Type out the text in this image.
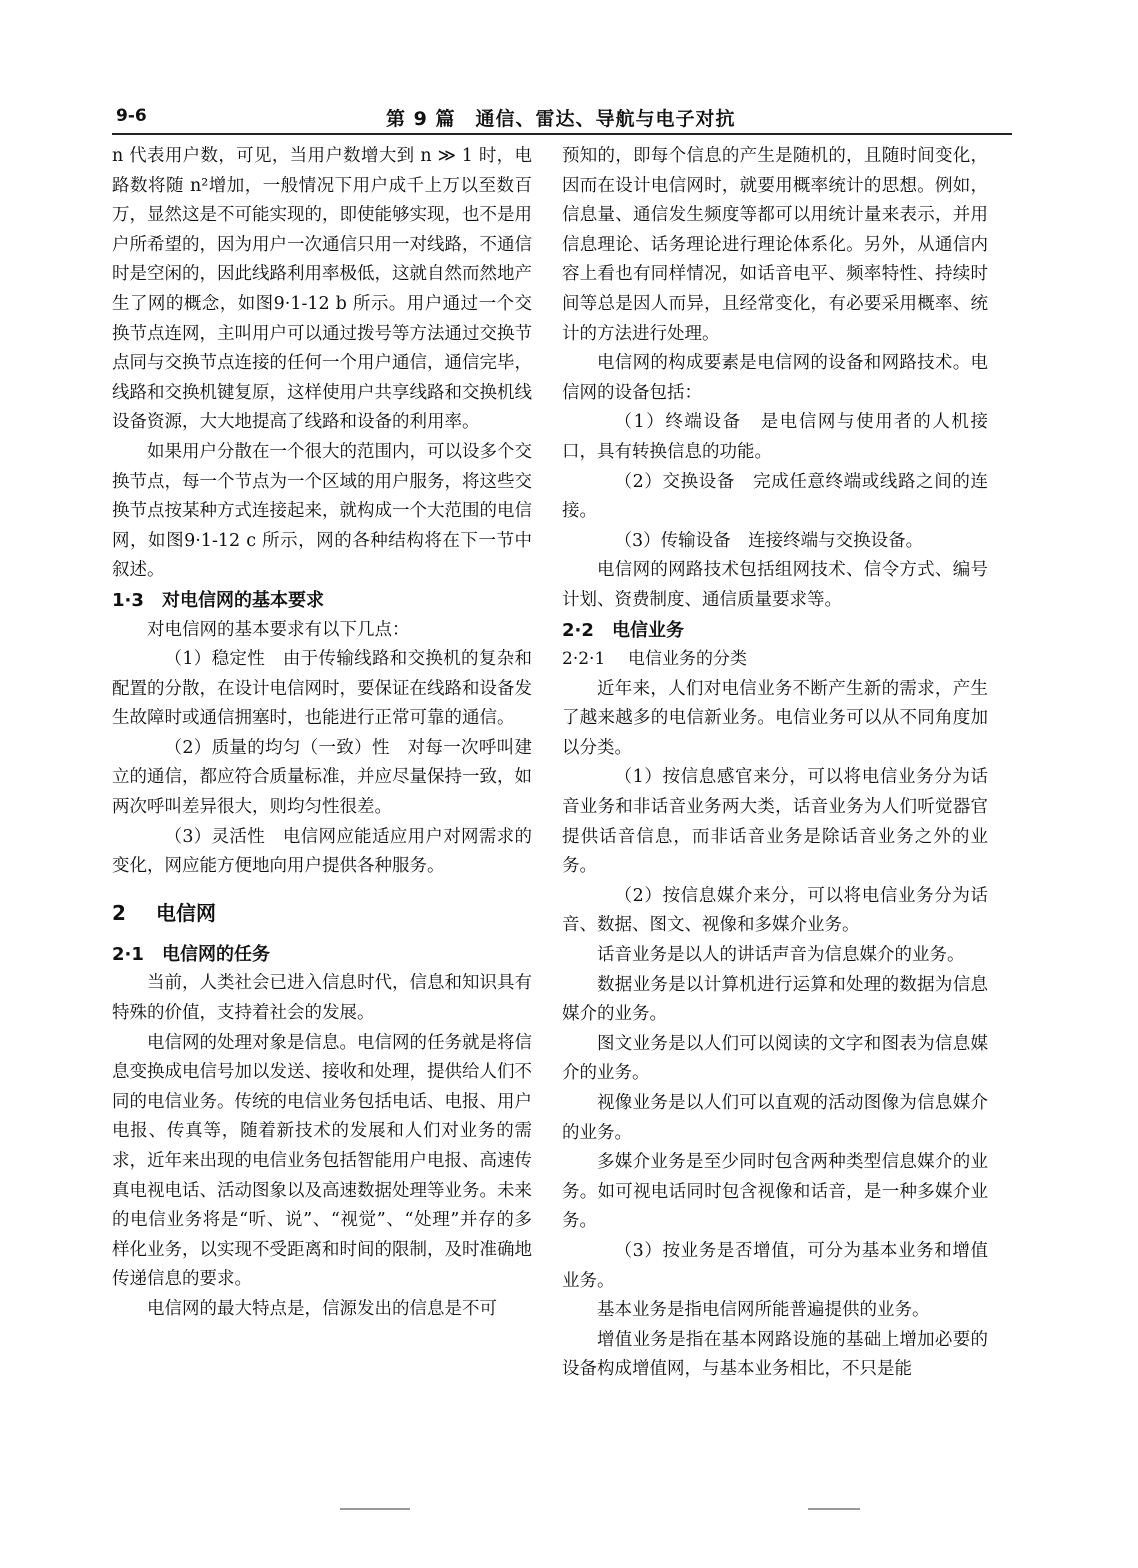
9-6	第 9 篇　通信、雷达、导航与电子对抗

n 代表用户数，可见，当用户数增大到 n ≫ 1 时，电路数将随 n²增加，一般情况下用户成千上万以至数百万，显然这是不可能实现的，即使能够实现，也不是用户所希望的，因为用户一次通信只用一对线路，不通信时是空闲的，因此线路利用率极低，这就自然而然地产生了网的概念，如图9·1-12 b 所示。用户通过一个交换节点连网，主叫用户可以通过拨号等方法通过交换节点同与交换节点连接的任何一个用户通信，通信完毕，线路和交换机键复原，这样使用户共享线路和交换机线设备资源，大大地提高了线路和设备的利用率。

如果用户分散在一个很大的范围内，可以设多个交换节点，每一个节点为一个区域的用户服务，将这些交换节点按某种方式连接起来，就构成一个大范围的电信网，如图9·1-12 c 所示，网的各种结构将在下一节中叙述。

1·3 对电信网的基本要求

对电信网的基本要求有以下几点：

（1）稳定性　由于传输线路和交换机的复杂和配置的分散，在设计电信网时，要保证在线路和设备发生故障时或通信拥塞时，也能进行正常可靠的通信。

（2）质量的均匀（一致）性　对每一次呼叫建立的通信，都应符合质量标准，并应尽量保持一致，如两次呼叫差异很大，则均匀性很差。

（3）灵活性　电信网应能适应用户对网需求的变化，网应能方便地向用户提供各种服务。

2 电信网
2·1 电信网的任务

当前，人类社会已进入信息时代，信息和知识具有特殊的价值，支持着社会的发展。

电信网的处理对象是信息。电信网的任务就是将信息变换成电信号加以发送、接收和处理，提供给人们不同的电信业务。传统的电信业务包括电话、电报、用户电报、传真等，随着新技术的发展和人们对业务的需求，近年来出现的电信业务包括智能用户电报、高速传真电视电话、活动图象以及高速数据处理等业务。未来的电信业务将是“听、说”、“视觉”、“处理”并存的多样化业务，以实现不受距离和时间的限制，及时准确地传递信息的要求。

电信网的最大特点是，信源发出的信息是不可

预知的，即每个信息的产生是随机的，且随时间变化，因而在设计电信网时，就要用概率统计的思想。例如，信息量、通信发生频度等都可以用统计量来表示，并用信息理论、话务理论进行理论体系化。另外，从通信内容上看也有同样情况，如话音电平、频率特性、持续时间等总是因人而异，且经常变化，有必要采用概率、统计的方法进行处理。

电信网的构成要素是电信网的设备和网路技术。电信网的设备包括：

（1）终端设备　是电信网与使用者的人机接口，具有转换信息的功能。

（2）交换设备　完成任意终端或线路之间的连接。

（3）传输设备　连接终端与交换设备。

电信网的网路技术包括组网技术、信令方式、编号计划、资费制度、通信质量要求等。

2·2 电信业务
2·2·1 电信业务的分类

近年来，人们对电信业务不断产生新的需求，产生了越来越多的电信新业务。电信业务可以从不同角度加以分类。

（1）按信息感官来分，可以将电信业务分为话音业务和非话音业务两大类，话音业务为人们听觉器官提供话音信息，而非话音业务是除话音业务之外的业务。

（2）按信息媒介来分，可以将电信业务分为话音、数据、图文、视像和多媒介业务。

话音业务是以人的讲话声音为信息媒介的业务。

数据业务是以计算机进行运算和处理的数据为信息媒介的业务。

图文业务是以人们可以阅读的文字和图表为信息媒介的业务。

视像业务是以人们可以直观的活动图像为信息媒介的业务。

多媒介业务是至少同时包含两种类型信息媒介的业务。如可视电话同时包含视像和话音，是一种多媒介业务。

（3）按业务是否增值，可分为基本业务和增值业务。

基本业务是指电信网所能普遍提供的业务。

增值业务是指在基本网路设施的基础上增加必要的设备构成增值网，与基本业务相比，不只是能
